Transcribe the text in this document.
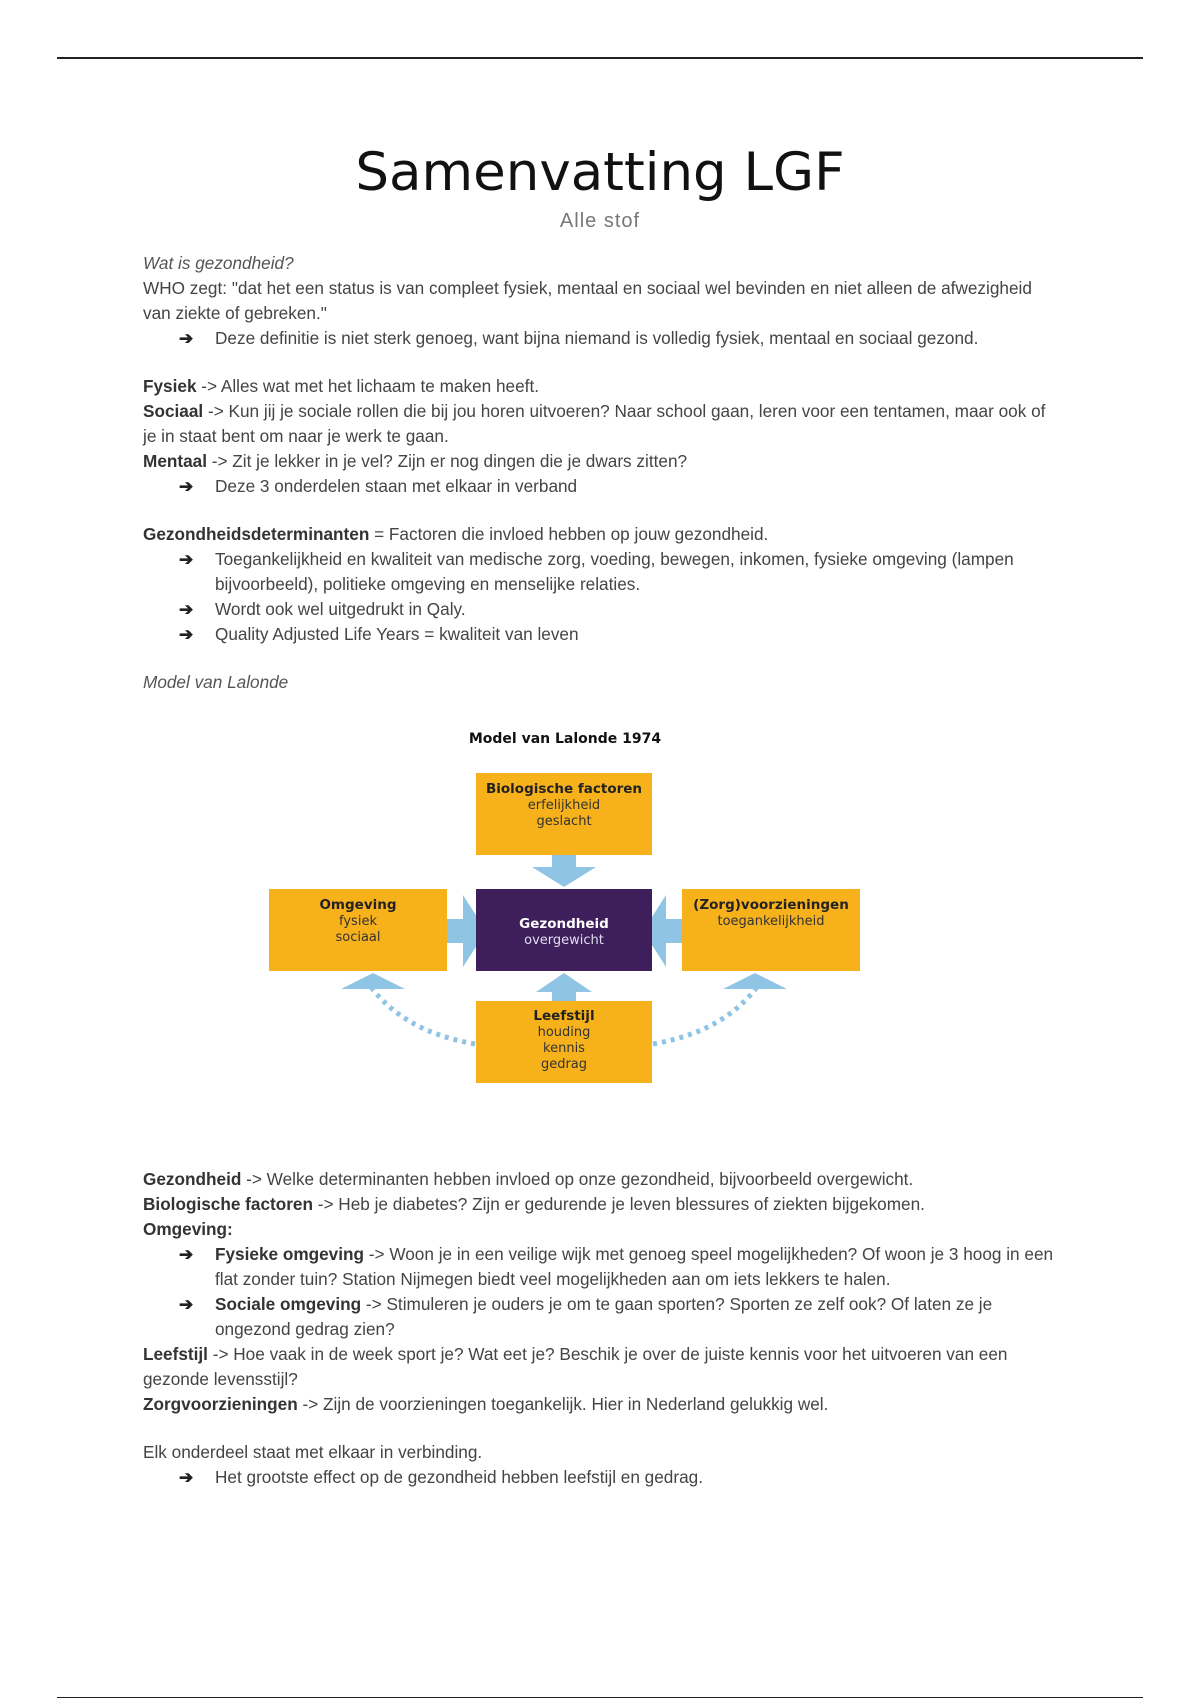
Samenvatting LGF
Alle stof

Wat is gezondheid?

WHO zegt: "dat het een status is van compleet fysiek, mentaal en sociaal wel bevinden en niet alleen de afwezigheid van ziekte of gebreken."

➔ Deze definitie is niet sterk genoeg, want bijna niemand is volledig fysiek, mentaal en sociaal gezond.

Fysiek -> Alles wat met het lichaam te maken heeft.

Sociaal -> Kun jij je sociale rollen die bij jou horen uitvoeren? Naar school gaan, leren voor een tentamen, maar ook of je in staat bent om naar je werk te gaan.

Mentaal -> Zit je lekker in je vel? Zijn er nog dingen die je dwars zitten?

➔ Deze 3 onderdelen staan met elkaar in verband

Gezondheidsdeterminanten = Factoren die invloed hebben op jouw gezondheid.

➔ Toegankelijkheid en kwaliteit van medische zorg, voeding, bewegen, inkomen, fysieke omgeving (lampen bijvoorbeeld), politieke omgeving en menselijke relaties.

➔ Wordt ook wel uitgedrukt in Qaly.

➔ Quality Adjusted Life Years = kwaliteit van leven

Model van Lalonde

Model van Lalonde 1974
Biologische factoren
erfelijkheid
geslacht
Omgeving
fysiek
sociaal
Gezondheid
overgewicht
(Zorg)voorzieningen
toegankelijkheid
Leefstijl
houding
kennis
gedrag

Gezondheid -> Welke determinanten hebben invloed op onze gezondheid, bijvoorbeeld overgewicht.

Biologische factoren -> Heb je diabetes? Zijn er gedurende je leven blessures of ziekten bijgekomen.

Omgeving:

➔ Fysieke omgeving -> Woon je in een veilige wijk met genoeg speel mogelijkheden? Of woon je 3 hoog in een flat zonder tuin? Station Nijmegen biedt veel mogelijkheden aan om iets lekkers te halen.

➔ Sociale omgeving -> Stimuleren je ouders je om te gaan sporten? Sporten ze zelf ook? Of laten ze je ongezond gedrag zien?

Leefstijl -> Hoe vaak in de week sport je? Wat eet je? Beschik je over de juiste kennis voor het uitvoeren van een gezonde levensstijl?

Zorgvoorzieningen -> Zijn de voorzieningen toegankelijk. Hier in Nederland gelukkig wel.

Elk onderdeel staat met elkaar in verbinding.

➔ Het grootste effect op de gezondheid hebben leefstijl en gedrag.
